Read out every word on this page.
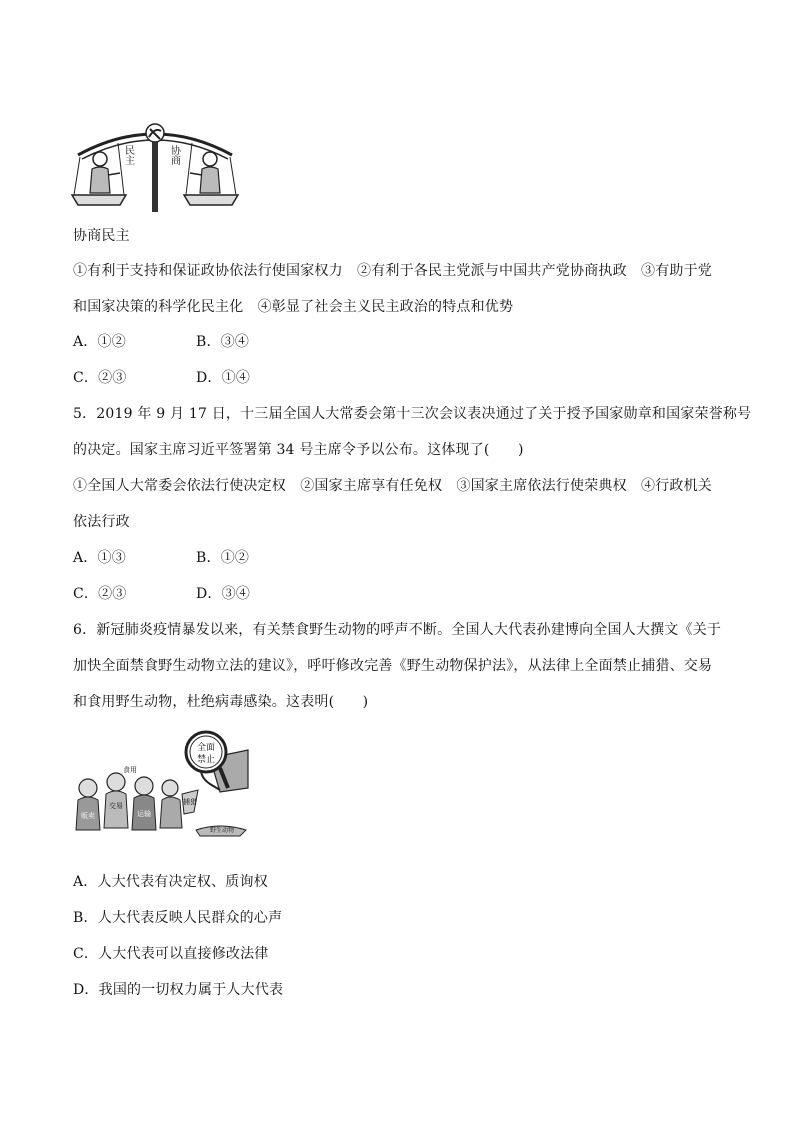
民主	协商
协商民主
①有利于支持和保证政协依法行使国家权力　②有利于各民主党派与中国共产党协商执政　③有助于党
和国家决策的科学化民主化　④彰显了社会主义民主政治的特点和优势
A．①②	B．③④
C．②③	D．①④
5．2019 年 9 月 17 日，十三届全国人大常委会第十三次会议表决通过了关于授予国家勋章和国家荣誉称号
的决定。国家主席习近平签署第 34 号主席令予以公布。这体现了(　　)
①全国人大常委会依法行使决定权　②国家主席享有任免权　③国家主席依法行使荣典权　④行政机关
依法行政
A．①③	B．①②
C．②③	D．③④
6．新冠肺炎疫情暴发以来，有关禁食野生动物的呼声不断。全国人大代表孙建博向全国人大撰文《关于
加快全面禁食野生动物立法的建议》，呼吁修改完善《野生动物保护法》，从法律上全面禁止捕猎、交易
和食用野生动物，杜绝病毒感染。这表明(　　)
全面
禁止
贩卖
交易
食用
运输
捕猎
野生动物
A．人大代表有决定权、质询权
B．人大代表反映人民群众的心声
C．人大代表可以直接修改法律
D．我国的一切权力属于人大代表
